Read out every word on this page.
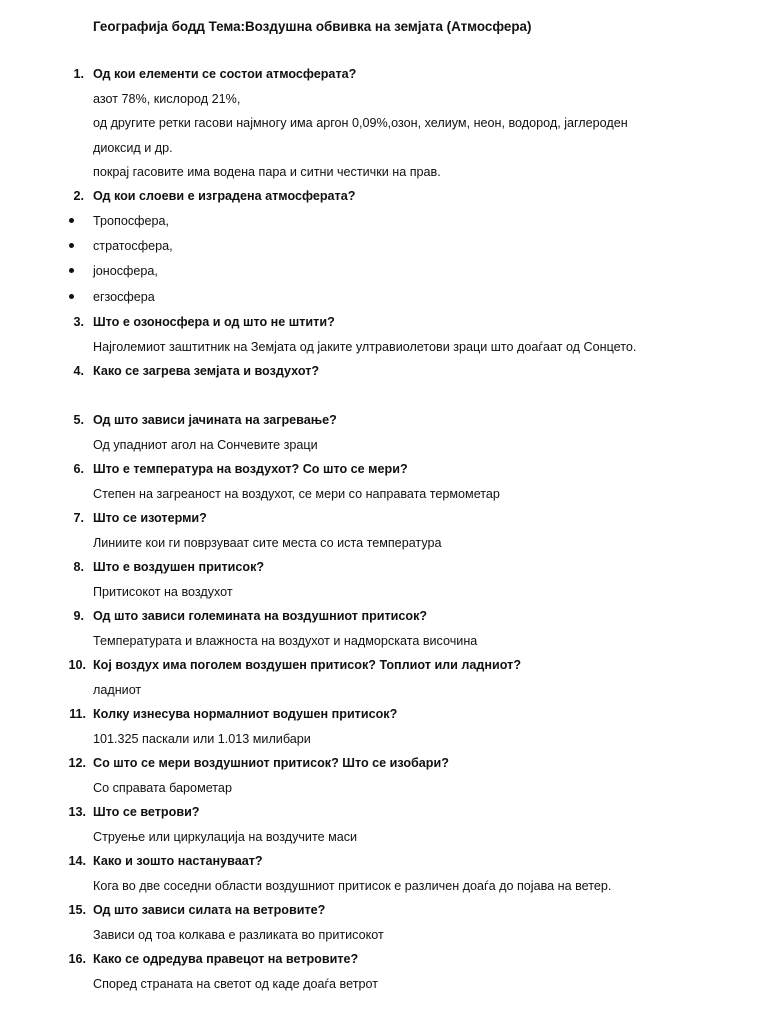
Географија бодд Тема:Воздушна обвивка на земјата (Атмосфера)
1. Од кои елементи се состои атмосферата?
азот 78%, кислород 21%,
од другите ретки гасови најмногу има аргон 0,09%,озон, хелиум, неон, водород, јаглероден
диоксид и др.
покрај гасовите има водена пара и ситни честички на прав.
2. Од кои слоеви е изградена атмосферата?
Тропосфера,
стратосфера,
јоносфера,
егзосфера
3. Што е озоносфера и од што не штити?
Најголемиот заштитник на Земјата од јаките ултравиолетови зраци што доаѓаат од Сонцето.
4. Како се загрева земјата и воздухот?
5. Од што зависи јачината на загревање?
Од упадниот агол на Сончевите зраци
6. Што е температура на воздухот? Со што се мери?
Степен на загреаност на воздухот, се мери со направата термометар
7. Што се изотерми?
Линиите кои ги поврзуваат сите места со иста температура
8. Што е воздушен притисок?
Притисокот на воздухот
9. Од што зависи големината на воздушниот притисок?
Температурата и влажноста на воздухот и надморската височина
10. Кој воздух има поголем воздушен притисок? Топлиот или ладниот?
ладниот
11. Колку изнесува нормалниот водушен притисок?
101.325 паскали или 1.013 милибари
12. Со што се мери воздушниот притисок? Што се изобари?
Со справата барометар
13. Што се ветрови?
Струење или циркулација на воздучите маси
14. Како и зошто настануваат?
Кога во две соседни области воздушниот притисок е различен доаѓа до појава на ветер.
15. Од што зависи силата на ветровите?
Зависи од тоа колкава е разликата во притисокот
16. Како се одредува правецот на ветровите?
Според страната на светот од каде доаѓа ветрот
